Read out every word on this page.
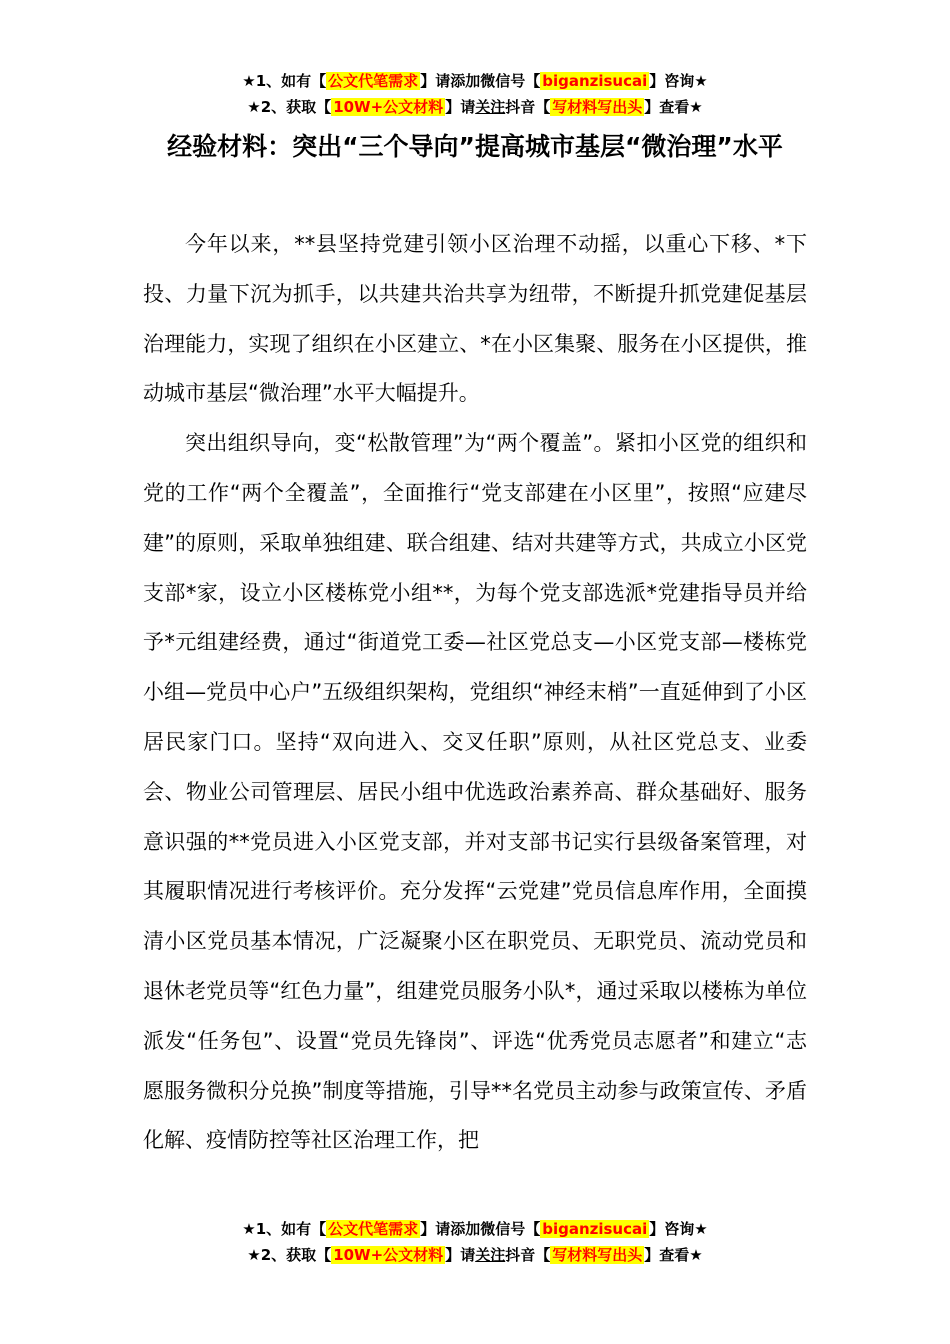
★1、如有【 公文代笔需求 】请添加微信号【 biganzisucai 】咨询★
★2、获取【 10W+公文材料 】请关注抖音【 写材料写出头 】查看★
经验材料：突出“三个导向”提高城市基层“微治理”水平

今年以来，**县坚持党建引领小区治理不动摇，以重心下移、*下投、力量下沉为抓手，以共建共治共享为纽带，不断提升抓党建促基层治理能力，实现了组织在小区建立、*在小区集聚、服务在小区提供，推动城市基层“微治理”水平大幅提升。

突出组织导向，变“松散管理”为“两个覆盖”。紧扣小区党的组织和党的工作“两个全覆盖”，全面推行“党支部建在小区里”，按照“应建尽建”的原则，采取单独组建、联合组建、结对共建等方式，共成立小区党支部*家，设立小区楼栋党小组**，为每个党支部选派*党建指导员并给予*元组建经费，通过“街道党工委—社区党总支—小区党支部—楼栋党小组—党员中心户”五级组织架构，党组织“神经末梢”一直延伸到了小区居民家门口。坚持“双向进入、交叉任职”原则，从社区党总支、业委会、物业公司管理层、居民小组中优选政治素养高、群众基础好、服务意识强的**党员进入小区党支部，并对支部书记实行县级备案管理，对其履职情况进行考核评价。充分发挥“云党建”党员信息库作用，全面摸清小区党员基本情况，广泛凝聚小区在职党员、无职党员、流动党员和退休老党员等“红色力量”，组建党员服务小队*，通过采取以楼栋为单位派发“任务包”、设置“党员先锋岗”、评选“优秀党员志愿者”和建立“志愿服务微积分兑换”制度等措施，引导**名党员主动参与政策宣传、矛盾化解、疫情防控等社区治理工作，把

★1、如有【 公文代笔需求 】请添加微信号【 biganzisucai 】咨询★
★2、获取【 10W+公文材料 】请关注抖音【 写材料写出头 】查看★
